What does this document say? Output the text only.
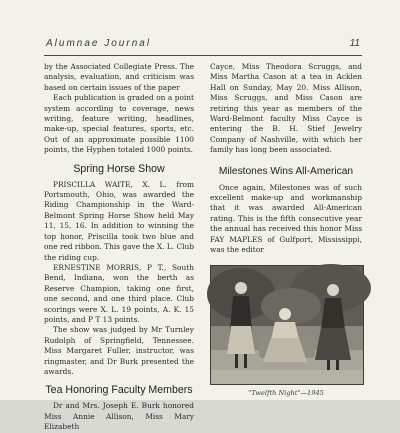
Alumnae Journal	11

by the Associated Collegiate Press. The analysis, evaluation, and criticism was based on certain issues of the paper

Each publication is graded on a point system according to coverage, news writing, feature writing, headlines, make-up, special features, sports, etc. Out of an approximate possible 1100 points, the Hyphen totaled 1000 points.

Spring Horse Show

PRISCILLA WAITE, X. L. from Portsmouth, Ohio, was awarded the Riding Championship in the Ward-Belmont Spring Horse Show held May 11, 15, 16. In addition to winning the top honor, Priscilla took two blue and one red ribbon. This gave the X. L. Club the riding cup.

ERNESTINE MORRIS, P T., South Bend, Indiana, won the berth as Reserve Champion, taking one first, one second, and one third place. Club scorings were X. L. 19 points, A. K. 15 points, and P T 13 points.

The show was judged by Mr Turnley Rudolph of Springfield, Tennessee. Miss Margaret Fuller, instructor, was ringmaster, and Dr Burk presented the awards.

Tea Honoring Faculty Members

Dr and Mrs. Joseph E. Burk honored Miss Annie Allison, Miss Mary Elizabeth

Cayce, Miss Theodora Scruggs, and Miss Martha Cason at a tea in Acklen Hall on Sunday, May 20. Miss Allison, Miss Scruggs, and Miss Cason are retiring this year as members of the Ward-Belmont faculty Miss Cayce is entering the B. H. Stief Jewelry Company of Nashville, with which her family has long been associated.

Milestones Wins All-American

Once again, Milestones was of such excellent make-up and workmanship that it was awarded All-American rating. This is the fifth consecutive year the annual has received this honor Miss FAY MAPLES of Gulfport, Mississippi, was the editor

"Twelfth Night"—1945
